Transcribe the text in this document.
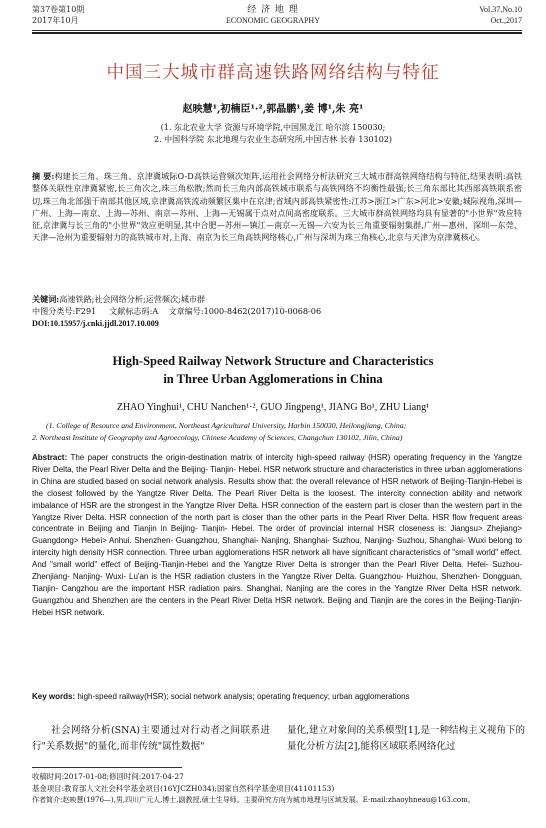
第37卷第10期
2017年10月
经 济 地 理
ECONOMIC GEOGRAPHY
Vol.37,No.10
Oct.,2017
中国三大城市群高速铁路网络结构与特征
赵映慧¹,初楠臣¹·²,郭晶鹏¹,姜 博¹,朱 亮¹
(1. 东北农业大学 资源与环境学院,中国黑龙江 哈尔滨 150030;
2. 中国科学院 东北地理与农业生态研究所,中国吉林 长春 130102)
摘 要:构建长三角、珠三角、京津冀城际O-D高铁运营频次矩阵,运用社会网络分析法研究三大城市群高铁网络结构与特征,结果表明:高铁整体关联性京津冀紧密,长三角次之,珠三角松散;然而长三角内部高铁城市联系与高铁网络不均衡性最强;长三角东部比其西部高铁联系密切,珠三角北部强于南部其他区域,京津冀高铁流动频繁区集中在京津;省域内部高铁紧密性:江苏>浙江>广东>河北>安徽;城际视角,深圳—广州、上海—南京、上海—苏州、南京—苏州、上海—无锡属于点对点间高密度联系。三大城市群高铁网络均具有显著的"小世界"效应特征,京津冀与长三角的"小世界"效应更明显,其中合肥—苏州—镇江—南京—无锡—六安为长三角重要辐射集群,广州—惠州、深圳—东莞、天津—沧州为重要辐射力的高铁城市对,上海、南京为长三角高铁网络核心,广州与深圳为珠三角核心,北京与天津为京津冀核心。
关键词:高速铁路;社会网络分析;运营频次;城市群
中图分类号:F291 文献标志码:A 文章编号:1000-8462(2017)10-0068-06
DOI:10.15957/j.cnki.jjdl.2017.10.009
High-Speed Railway Network Structure and Characteristics
in Three Urban Agglomerations in China
ZHAO Yinghui¹, CHU Nanchen¹·², GUO Jingpeng¹, JIANG Bo¹, ZHU Liang¹
(1. College of Resource and Environment, Northeast Agricultural University, Harbin 150030, Heilongjiang, China;
2. Northeast Institute of Geography and Agroecology, Chinese Academy of Sciences, Changchun 130102, Jilin, China)
Abstract: The paper constructs the origin-destination matrix of intercity high-speed railway (HSR) operating frequency in the Yangtze River Delta, the Pearl River Delta and the Beijing- Tianjin- Hebei. HSR network structure and characteristics in three urban agglomerations in China are studied based on social network analysis. Results show that: the overall relevance of HSR network of Beijing-Tianjin-Hebei is the closest followed by the Yangtze River Delta. The Pearl River Delta is the loosest. The intercity connection ability and network imbalance of HSR are the strongest in the Yangtze River Delta. HSR connection of the eastern part is closer than the western part in the Yangtze River Delta. HSR connection of the north part is closer than the other parts in the Pearl River Delta. HSR flow frequent areas concentrate in Beijing and Tianjin in Beijing- Tianjin- Hebei. The order of provincial internal HSR closeness is: Jiangsu> Zhejiang> Guangdong> Hebei> Anhui. Shenzhen- Guangzhou, Shanghai- Nanjing, Shanghai- Suzhou, Nanjing- Suzhou, Shanghai- Wuxi belong to intercity high density HSR connection. Three urban agglomerations HSR network all have significant characteristics of "small world" effect. And "small world" effect of Beijing-Tianjin-Hebei and the Yangtze River Delta is stronger than the Pearl River Delta. Hefei- Suzhou- Zhenjiang- Nanjing- Wuxi- Lu'an is the HSR radiation clusters in the Yangtze River Delta. Guangzhou- Huizhou, Shenzhen- Dongguan, Tianjin- Cangzhou are the important HSR radiation pairs. Shanghai, Nanjing are the cores in the Yangtze River Delta HSR network. Guangzhou and Shenzhen are the centers in the Pearl River Delta HSR network. Beijing and Tianjin are the cores in the Beijing-Tianjin-Hebei HSR network.
Key words: high-speed railway(HSR); social network analysis; operating frequency; urban agglomerations
社会网络分析(SNA)主要通过对行动者之间联系进行"关系数据"的量化,而非传统"属性数据"
量化,建立对象间的关系模型[1],是一种结构主义视角下的量化分析方法[2],能将区域联系网络化过
收稿时间:2017-01-08;修回时间:2017-04-27
基金项目:教育部人文社会科学基金项目(16YJCZH034);国家自然科学基金项目(41101153)
作者简介:赵映慧(1976—),男,四川广元人,博士,副教授,硕士生导师。主要研究方向为城市地理与区域发展。E-mail:zhaoyhneau@163.com。
